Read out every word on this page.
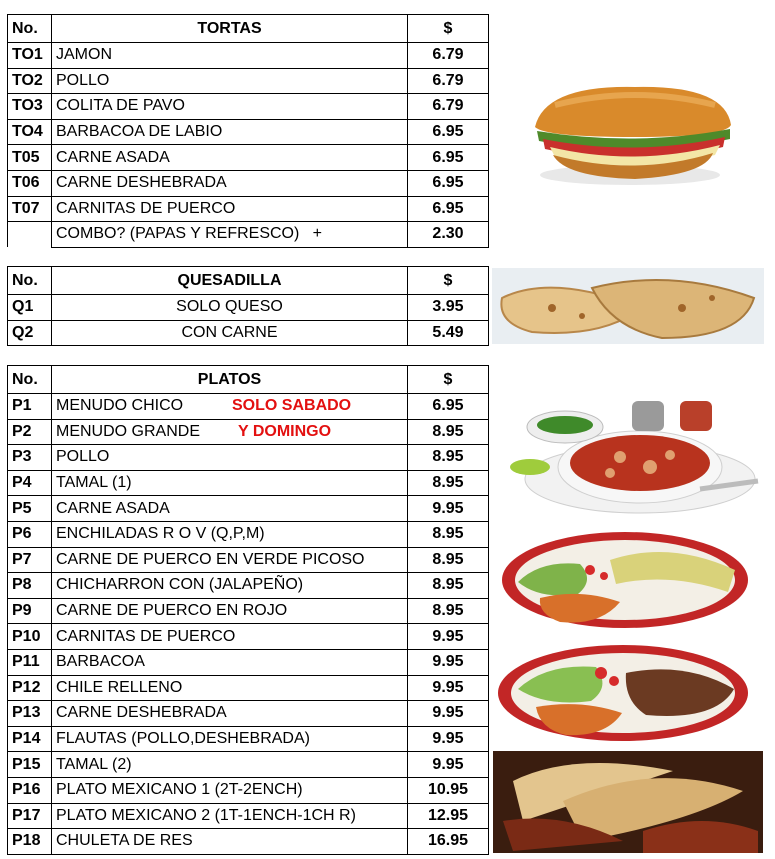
No.	TORTAS	$
TO1	JAMON	6.79
TO2	POLLO	6.79
TO3	COLITA DE PAVO	6.79
TO4	BARBACOA DE LABIO	6.95
T05	CARNE ASADA	6.95
T06	CARNE DESHEBRADA	6.95
T07	CARNITAS DE PUERCO	6.95
	COMBO? (PAPAS Y REFRESCO)   +	2.30
No.	QUESADILLA	$
Q1	SOLO QUESO	3.95
Q2	CON CARNE	5.49
No.	PLATOS	$
P1	MENUDO CHICO SOLO SABADO	6.95
P2	MENUDO GRANDE Y DOMINGO	8.95
P3	POLLO	8.95
P4	TAMAL (1)	8.95
P5	CARNE ASADA	9.95
P6	ENCHILADAS R O V (Q,P,M)	8.95
P7	CARNE DE PUERCO EN VERDE PICOSO	8.95
P8	CHICHARRON CON (JALAPEÑO)	8.95
P9	CARNE DE PUERCO EN ROJO	8.95
P10	CARNITAS DE PUERCO	9.95
P11	BARBACOA	9.95
P12	CHILE RELLENO	9.95
P13	CARNE DESHEBRADA	9.95
P14	FLAUTAS (POLLO,DESHEBRADA)	9.95
P15	TAMAL (2)	9.95
P16	PLATO MEXICANO 1 (2T-2ENCH)	10.95
P17	PLATO MEXICANO 2 (1T-1ENCH-1CH R)	12.95
P18	CHULETA DE RES	16.95
